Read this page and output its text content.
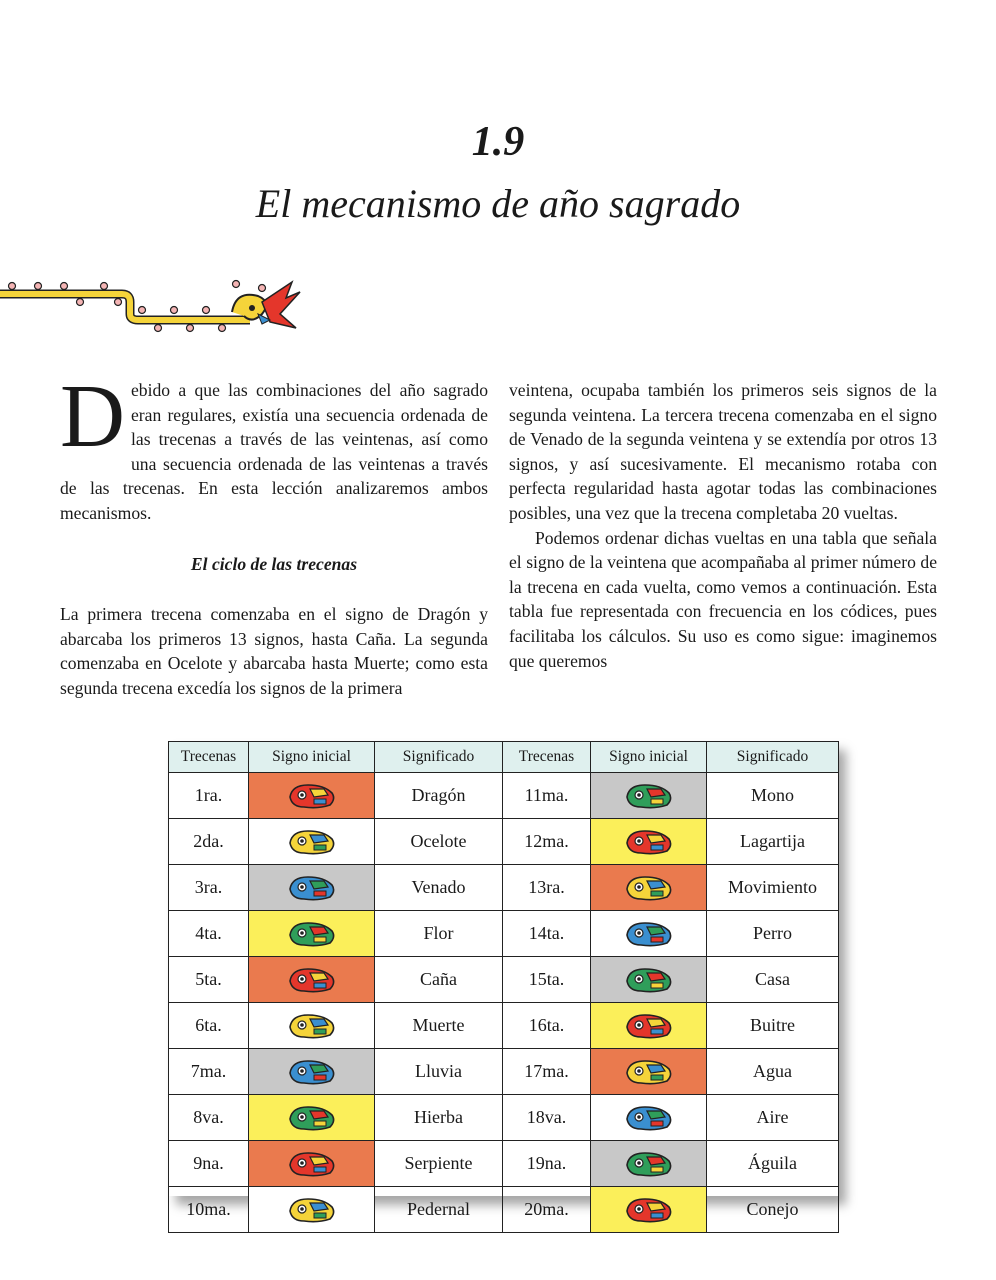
1.9
El mecanismo de año sagrado

Debido a que las combinaciones del año sagrado eran regulares, existía una secuencia ordenada de las trecenas a través de las veintenas, así como una secuencia ordenada de las veintenas a través de las trecenas. En esta lección analizaremos ambos mecanismos.

El ciclo de las trecenas

La primera trecena comenzaba en el signo de Dragón y abarcaba los primeros 13 signos, hasta Caña. La segunda comenzaba en Ocelote y abarcaba hasta Muerte; como esta segunda trecena excedía los signos de la primera

veintena, ocupaba también los primeros seis signos de la segunda veintena. La tercera trecena comenzaba en el signo de Venado de la segunda veintena y se extendía por otros 13 signos, y así sucesivamente. El mecanismo rotaba con perfecta regularidad hasta agotar todas las combinaciones posibles, una vez que la trecena completaba 20 vueltas.

Podemos ordenar dichas vueltas en una tabla que señala el signo de la veintena que acompañaba al primer número de la trecena en cada vuelta, como vemos a continuación. Esta tabla fue representada con frecuencia en los códices, pues facilitaba los cálculos. Su uso es como sigue: imaginemos que queremos

Trecenas	Signo inicial	Significado	Trecenas	Signo inicial	Significado
1ra.		Dragón	11ma.		Mono
2da.		Ocelote	12ma.		Lagartija
3ra.		Venado	13ra.		Movimiento
4ta.		Flor	14ta.		Perro
5ta.		Caña	15ta.		Casa
6ta.		Muerte	16ta.		Buitre
7ma.		Lluvia	17ma.		Agua
8va.		Hierba	18va.		Aire
9na.		Serpiente	19na.		Águila
10ma.		Pedernal	20ma.		Conejo
